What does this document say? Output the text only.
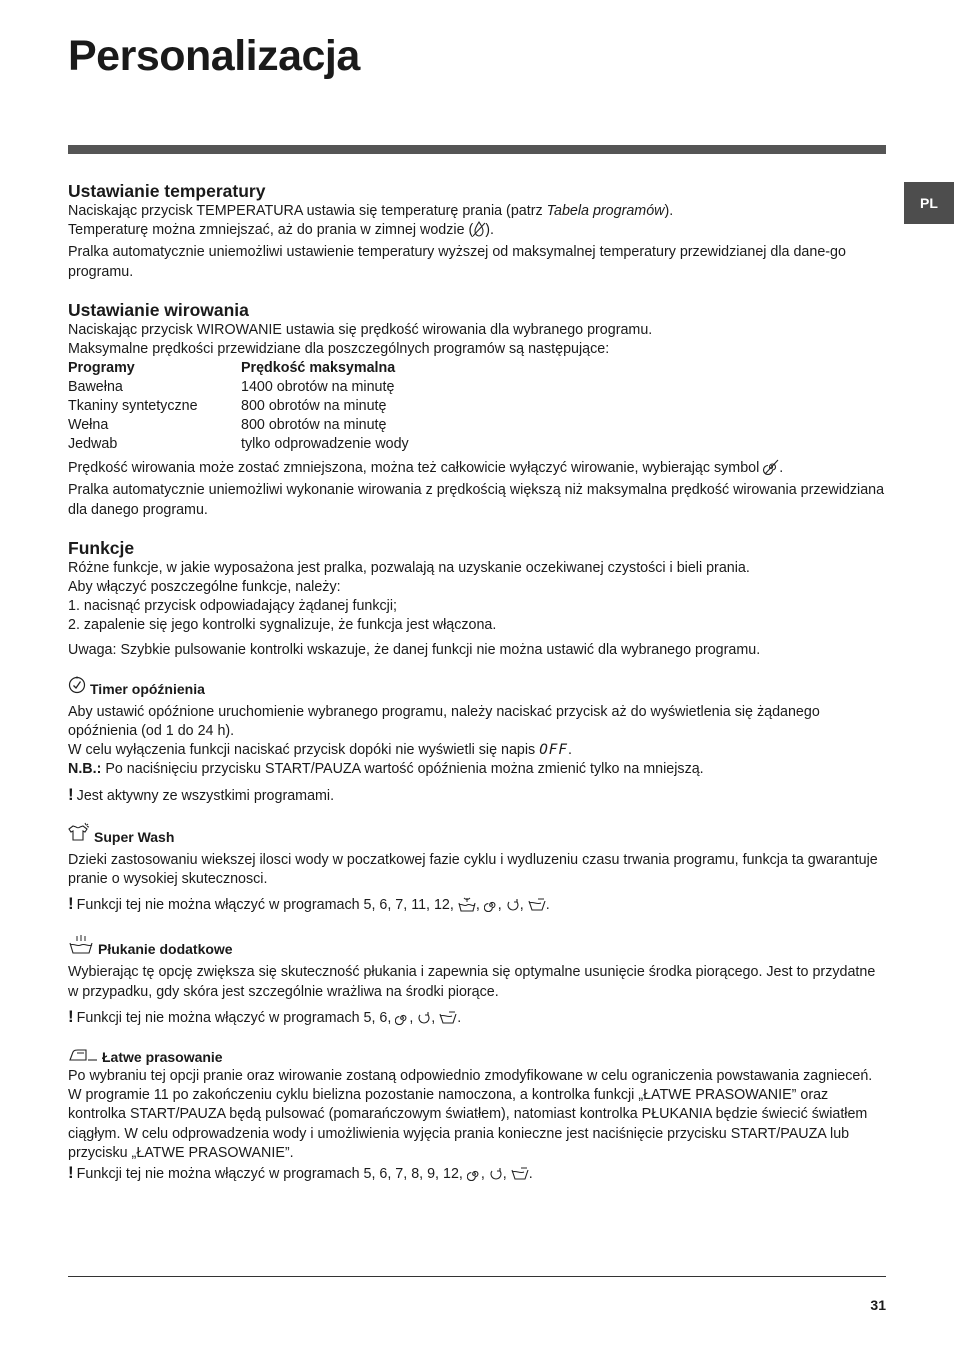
Personalizacja
PL
Ustawianie temperatury

Naciskając przycisk TEMPERATURA ustawia się temperaturę prania (patrz Tabela programów).

Temperaturę można zmniejszać, aż do prania w zimnej wodzie ( ).

Pralka automatycznie uniemożliwi ustawienie temperatury wyższej od maksymalnej temperatury przewidzianej dla dane-go programu.

Ustawianie wirowania

Naciskając przycisk WIROWANIE ustawia się prędkość wirowania dla wybranego programu.

Maksymalne prędkości przewidziane dla poszczególnych programów są następujące:

Programy	Prędkość maksymalna
Bawełna	1400 obrotów na minutę
Tkaniny syntetyczne	800 obrotów na minutę
Wełna	800 obrotów na minutę
Jedwab	tylko odprowadzenie wody

Prędkość wirowania może zostać zmniejszona, można też całkowicie wyłączyć wirowanie, wybierając symbol .

Pralka automatycznie uniemożliwi wykonanie wirowania z prędkością większą niż maksymalna prędkość wirowania przewidziana dla danego programu.

Funkcje

Różne funkcje, w jakie wyposażona jest pralka, pozwalają na uzyskanie oczekiwanej czystości i bieli prania.

Aby włączyć poszczególne funkcje, należy:

1. nacisnąć przycisk odpowiadający żądanej funkcji;

2. zapalenie się jego kontrolki sygnalizuje, że funkcja jest włączona.

Uwaga: Szybkie pulsowanie kontrolki wskazuje, że danej funkcji nie można ustawić dla wybranego programu.

Timer opóźnienia

Aby ustawić opóźnione uruchomienie wybranego programu, należy naciskać przycisk aż do wyświetlenia się żądanego opóźnienia (od 1 do 24 h).

W celu wyłączenia funkcji naciskać przycisk dopóki nie wyświetli się napis OFF.

N.B.: Po naciśnięciu przycisku START/PAUZA wartość opóźnienia można zmienić tylko na mniejszą.

! Jest aktywny ze wszystkimi programami.

Super Wash

Dzieki zastosowaniu wiekszej ilosci wody w poczatkowej fazie cyklu i wydluzeniu czasu trwania programu, funkcja ta gwarantuje pranie o wysokiej skutecznosci.

! Funkcji tej nie można włączyć w programach 5, 6, 7, 11, 12, , , , .

Płukanie dodatkowe

Wybierając tę opcję zwiększa się skuteczność płukania i zapewnia się optymalne usunięcie środka piorącego. Jest to przydatne w przypadku, gdy skóra jest szczególnie wrażliwa na środki piorące.

! Funkcji tej nie można włączyć w programach 5, 6, , , .

Łatwe prasowanie

Po wybraniu tej opcji pranie oraz wirowanie zostaną odpowiednio zmodyfikowane w celu ograniczenia powstawania zagnieceń.

W programie 11 po zakończeniu cyklu bielizna pozostanie namoczona, a kontrolka funkcji „ŁATWE PRASOWANIE” oraz kontrolka START/PAUZA będą pulsować (pomarańczowym światłem), natomiast kontrolka PŁUKANIA będzie świecić światłem ciągłym. W celu odprowadzenia wody i umożliwienia wyjęcia prania konieczne jest naciśnięcie przycisku START/PAUZA lub przycisku „ŁATWE PRASOWANIE”.

! Funkcji tej nie można włączyć w programach 5, 6, 7, 8, 9, 12, , , .

31
